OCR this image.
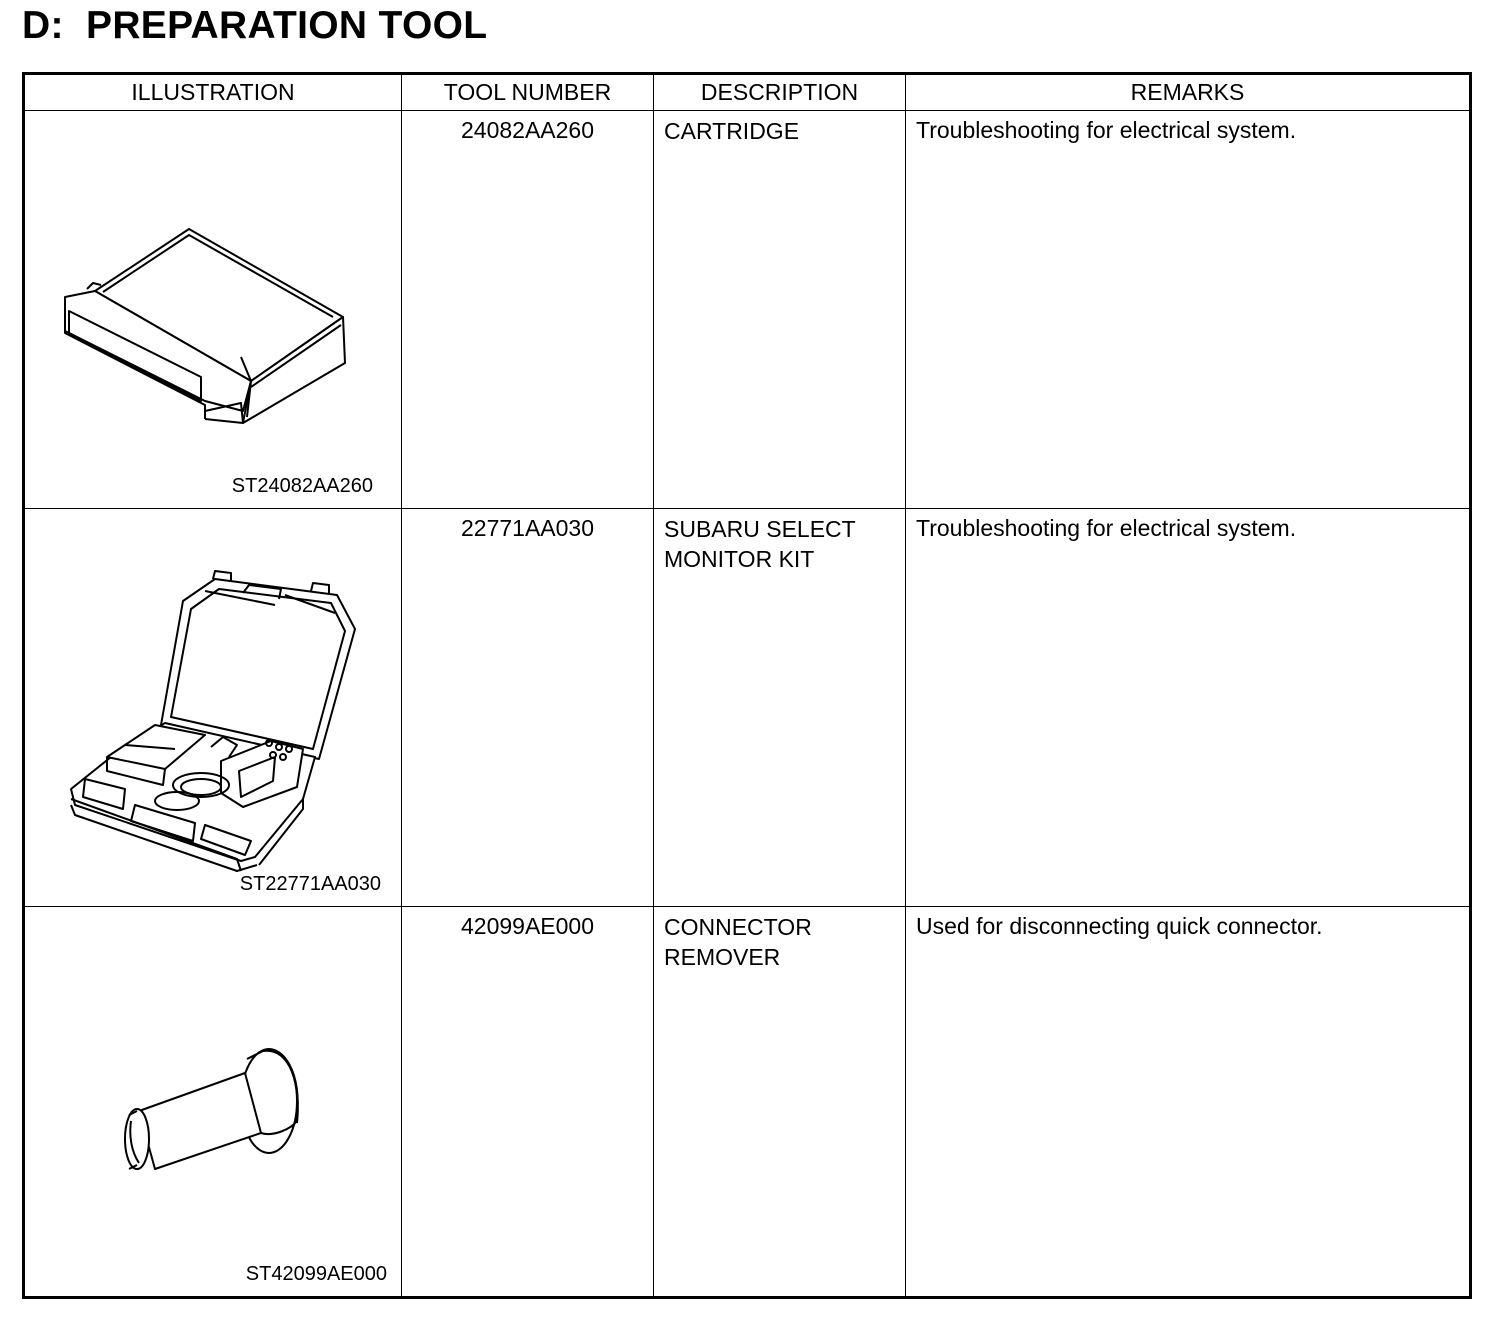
D:  PREPARATION TOOL
ILLUSTRATION	TOOL NUMBER	DESCRIPTION	REMARKS

ST24082AA260	24082AA260	CARTRIDGE	Troubleshooting for electrical system.

ST22771AA030	22771AA030	SUBARU SELECT
MONITOR KIT	Troubleshooting for electrical system.

ST42099AE000	42099AE000	CONNECTOR
REMOVER	Used for disconnecting quick connector.
